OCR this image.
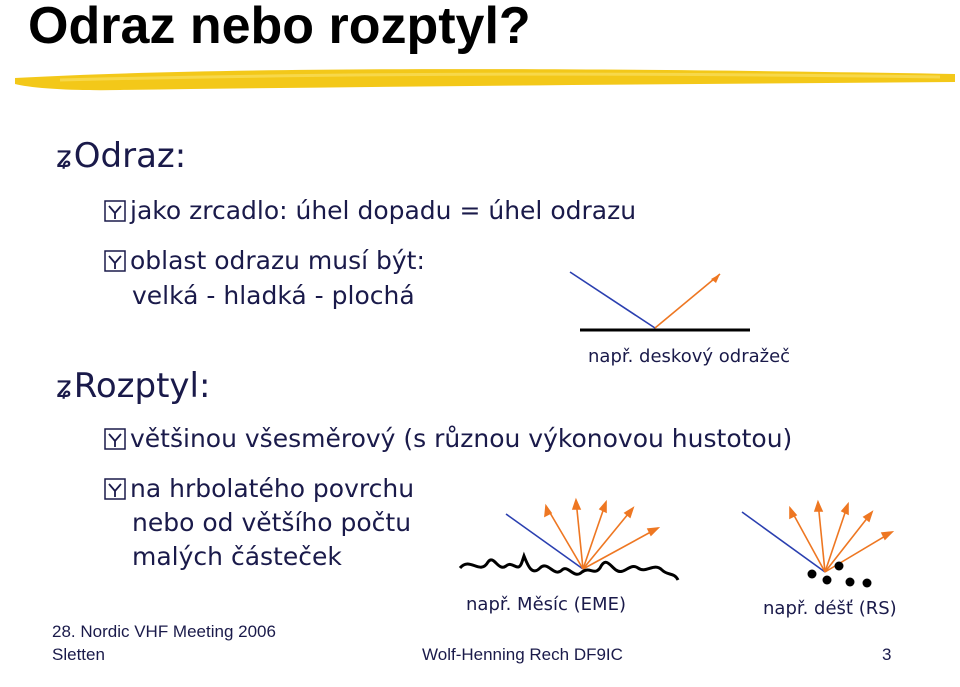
Odraz nebo rozptyl?
ʑOdraz:
jako zrcadlo: úhel dopadu = úhel odrazu
oblast odrazu musí být:
velká - hladká - plochá
např. deskový odražeč
ʑRozptyl:
většinou všesměrový (s různou výkonovou hustotou)
na hrbolatého povrchu
nebo od většího počtu
malých částeček
např. Měsíc (EME)	např. déšť (RS)
28. Nordic VHF Meeting 2006
Sletten	Wolf-Henning Rech DF9IC	3
